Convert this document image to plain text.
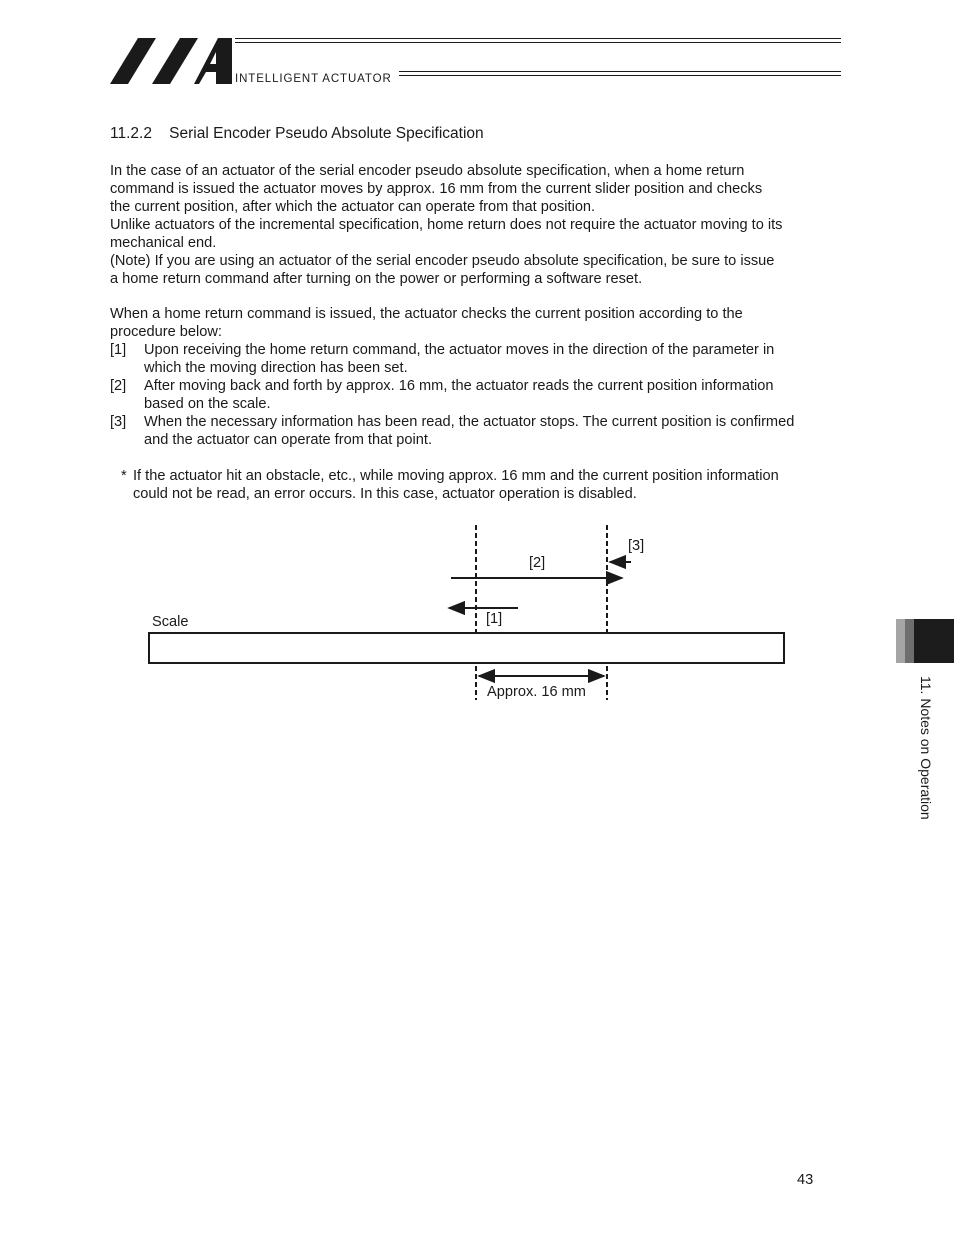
INTELLIGENT ACTUATOR
11.2.2    Serial Encoder Pseudo Absolute Specification
In the case of an actuator of the serial encoder pseudo absolute specification, when a home return
command is issued the actuator moves by approx. 16 mm from the current slider position and checks
the current position, after which the actuator can operate from that position.
Unlike actuators of the incremental specification, home return does not require the actuator moving to its
mechanical end.
(Note) If you are using an actuator of the serial encoder pseudo absolute specification, be sure to issue
a home return command after turning on the power or performing a software reset.
When a home return command is issued, the actuator checks the current position according to the
procedure below:
[1] Upon receiving the home return command, the actuator moves in the direction of the parameter in
which the moving direction has been set.
[2] After moving back and forth by approx. 16 mm, the actuator reads the current position information
based on the scale.
[3] When the necessary information has been read, the actuator stops. The current position is confirmed
and the actuator can operate from that point.
* If the actuator hit an obstacle, etc., while moving approx. 16 mm and the current position information
could not be read, an error occurs. In this case, actuator operation is disabled.
[3]
[2]
[1]
Scale
Approx. 16 mm	11. Notes on Operation
43
